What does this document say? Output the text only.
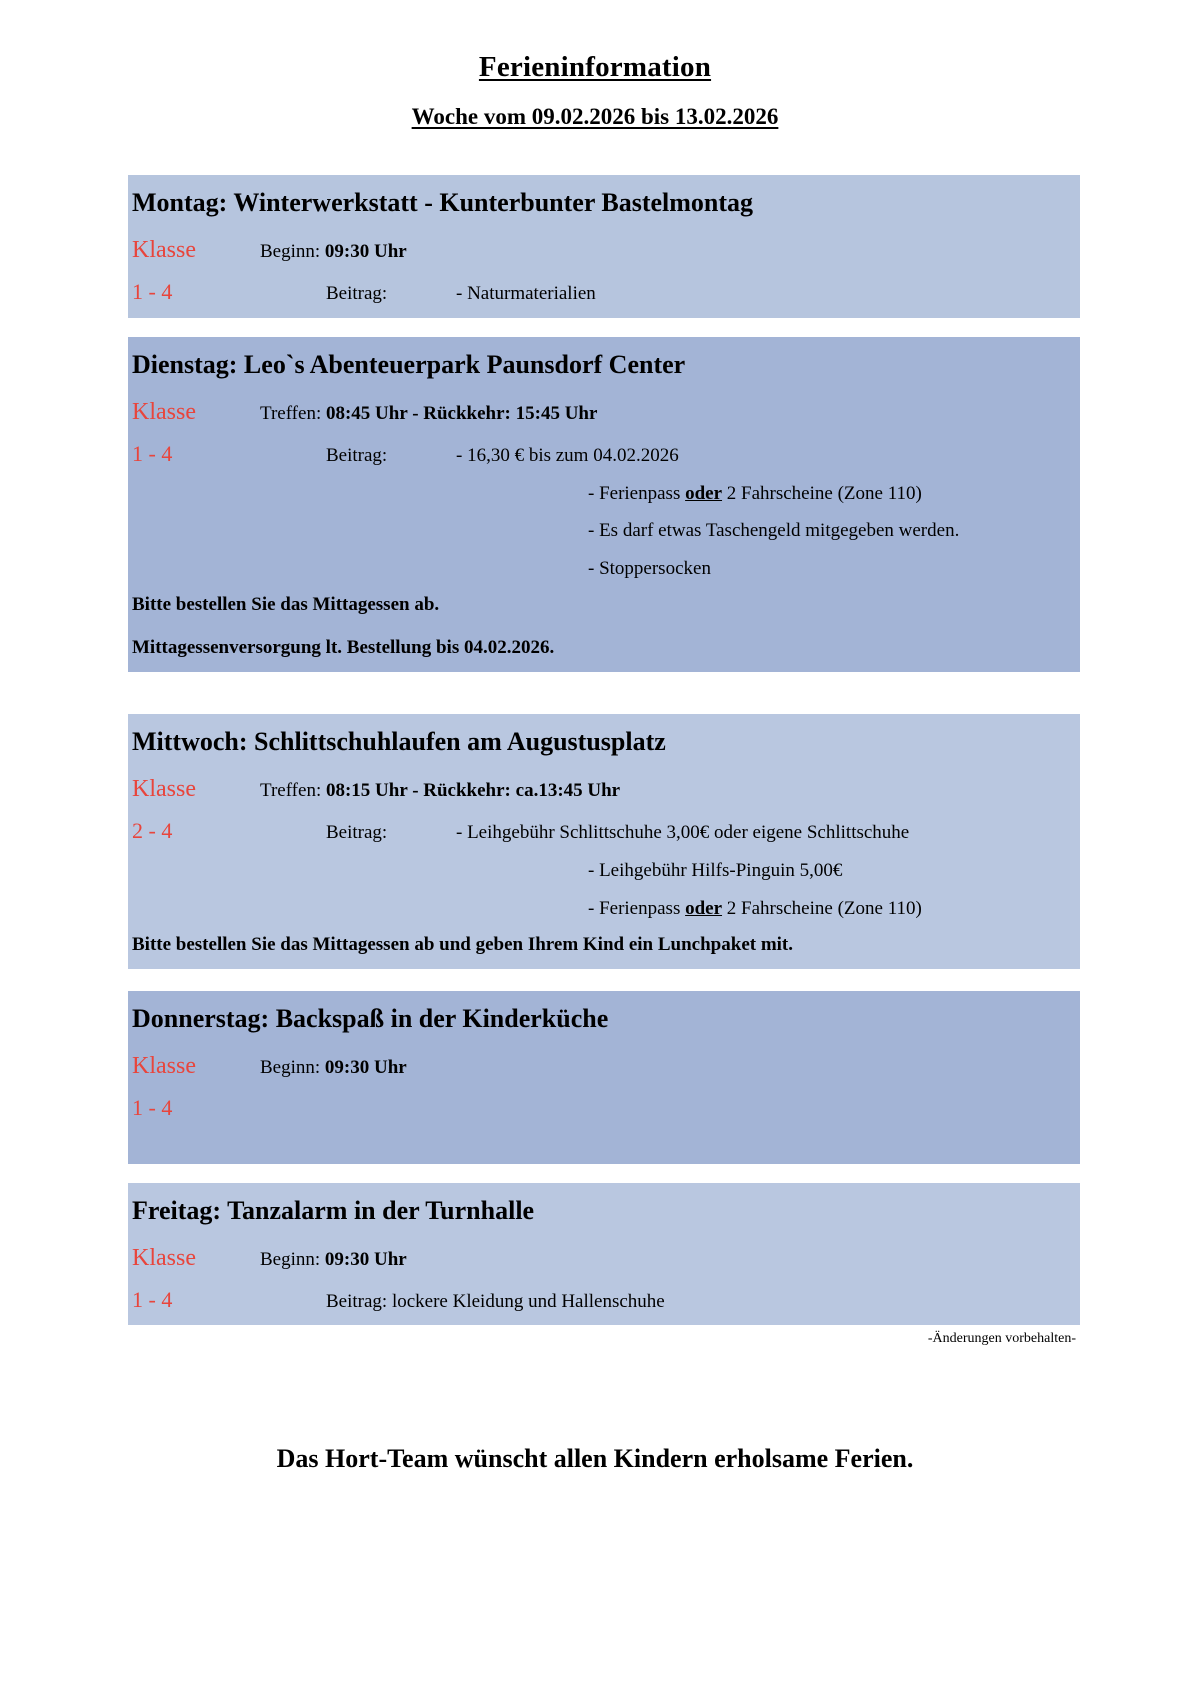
Ferieninformation
Woche vom 09.02.2026 bis 13.02.2026
Montag: Winterwerkstatt - Kunterbunter Bastelmontag
Klasse	Beginn: 09:30 Uhr
1 - 4	Beitrag:	- Naturmaterialien
Dienstag: Leo`s Abenteuerpark Paunsdorf Center
Klasse	Treffen: 08:45 Uhr - Rückkehr: 15:45 Uhr
1 - 4	Beitrag:	- 16,30 € bis zum 04.02.2026
- Ferienpass oder 2 Fahrscheine (Zone 110)
- Es darf etwas Taschengeld mitgegeben werden.
- Stoppersocken
Bitte bestellen Sie das Mittagessen ab.
Mittagessenversorgung lt. Bestellung bis 04.02.2026.
Mittwoch: Schlittschuhlaufen am Augustusplatz
Klasse	Treffen: 08:15 Uhr - Rückkehr: ca.13:45 Uhr
2 - 4	Beitrag:	- Leihgebühr Schlittschuhe 3,00€ oder eigene Schlittschuhe
- Leihgebühr Hilfs-Pinguin 5,00€
- Ferienpass oder 2 Fahrscheine (Zone 110)
Bitte bestellen Sie das Mittagessen ab und geben Ihrem Kind ein Lunchpaket mit.
Donnerstag: Backspaß in der Kinderküche
Klasse	Beginn: 09:30 Uhr
1 - 4
Freitag: Tanzalarm in der Turnhalle
Klasse	Beginn: 09:30 Uhr
1 - 4	Beitrag: lockere Kleidung und Hallenschuhe
-Änderungen vorbehalten-
Das Hort-Team wünscht allen Kindern erholsame Ferien.
